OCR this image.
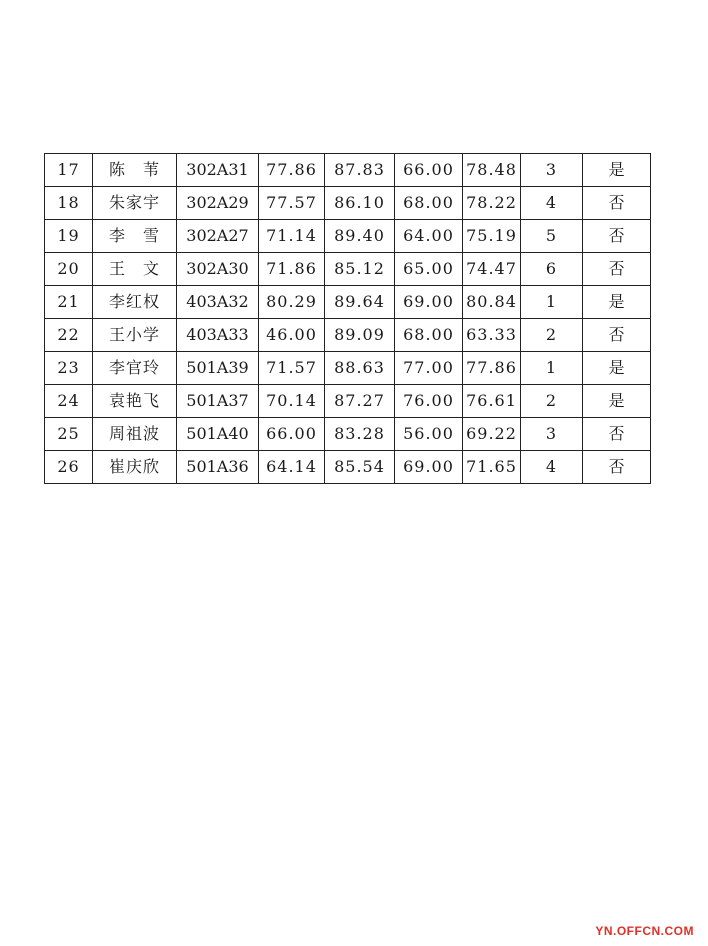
17	陈　苇	302A31	77.86	87.83	66.00	78.48	3	是
18	朱家宇	302A29	77.57	86.10	68.00	78.22	4	否
19	李　雪	302A27	71.14	89.40	64.00	75.19	5	否
20	王　文	302A30	71.86	85.12	65.00	74.47	6	否
21	李红权	403A32	80.29	89.64	69.00	80.84	1	是
22	王小学	403A33	46.00	89.09	68.00	63.33	2	否
23	李官玲	501A39	71.57	88.63	77.00	77.86	1	是
24	袁艳飞	501A37	70.14	87.27	76.00	76.61	2	是
25	周祖波	501A40	66.00	83.28	56.00	69.22	3	否
26	崔庆欣	501A36	64.14	85.54	69.00	71.65	4	否
YN.OFFCN.COM
